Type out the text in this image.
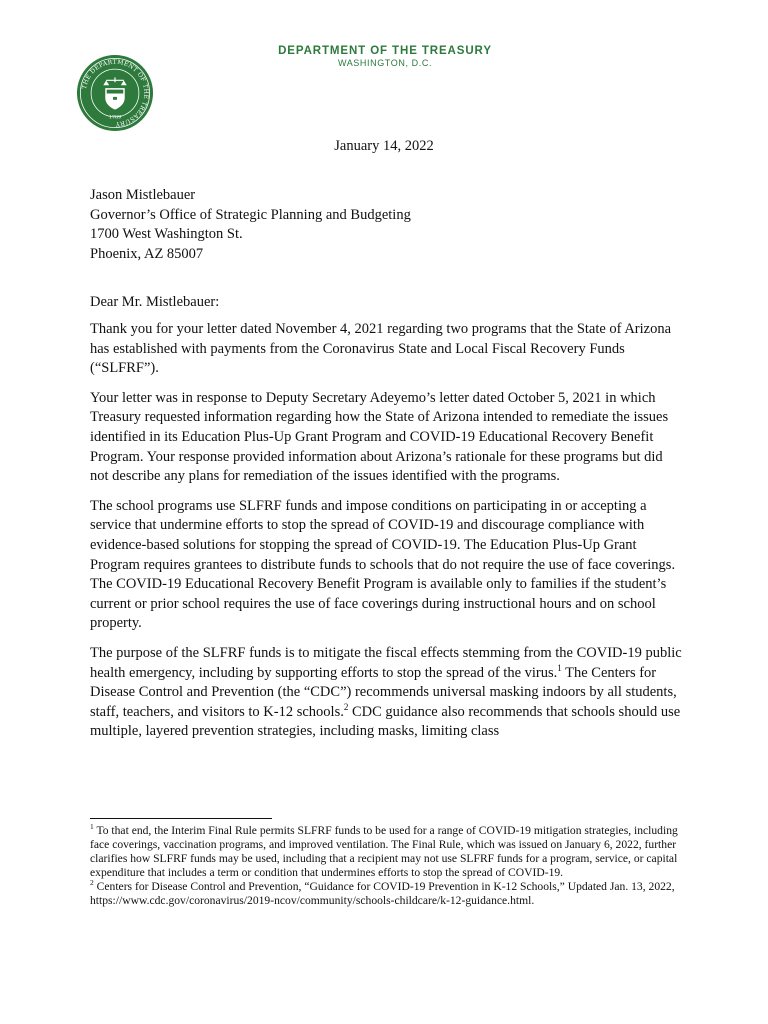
THE DEPARTMENT OF THE TREASURY
1789
DEPARTMENT OF THE TREASURY
WASHINGTON, D.C.
January 14, 2022
Jason Mistlebauer
Governor’s Office of Strategic Planning and Budgeting
1700 West Washington St.
Phoenix, AZ 85007
Dear Mr. Mistlebauer:

Thank you for your letter dated November 4, 2021 regarding two programs that the State of Arizona has established with payments from the Coronavirus State and Local Fiscal Recovery Funds (“SLFRF”).

Your letter was in response to Deputy Secretary Adeyemo’s letter dated October 5, 2021 in which Treasury requested information regarding how the State of Arizona intended to remediate the issues identified in its Education Plus-Up Grant Program and COVID-19 Educational Recovery Benefit Program. Your response provided information about Arizona’s rationale for these programs but did not describe any plans for remediation of the issues identified with the programs.

The school programs use SLFRF funds and impose conditions on participating in or accepting a service that undermine efforts to stop the spread of COVID-19 and discourage compliance with evidence-based solutions for stopping the spread of COVID-19. The Education Plus-Up Grant Program requires grantees to distribute funds to schools that do not require the use of face coverings. The COVID-19 Educational Recovery Benefit Program is available only to families if the student’s current or prior school requires the use of face coverings during instructional hours and on school property.

The purpose of the SLFRF funds is to mitigate the fiscal effects stemming from the COVID-19 public health emergency, including by supporting efforts to stop the spread of the virus.$^1$ The Centers for Disease Control and Prevention (the “CDC”) recommends universal masking indoors by all students, staff, teachers, and visitors to K-12 schools.$^2$ CDC guidance also recommends that schools should use multiple, layered prevention strategies, including masks, limiting class

$^1$ To that end, the Interim Final Rule permits SLFRF funds to be used for a range of COVID-19 mitigation strategies, including face coverings, vaccination programs, and improved ventilation. The Final Rule, which was issued on January 6, 2022, further clarifies how SLFRF funds may be used, including that a recipient may not use SLFRF funds for a program, service, or capital expenditure that includes a term or condition that undermines efforts to stop the spread of COVID-19.

$^2$ Centers for Disease Control and Prevention, “Guidance for COVID-19 Prevention in K-12 Schools,” Updated Jan. 13, 2022, https://www.cdc.gov/coronavirus/2019-ncov/community/schools-childcare/k-12-guidance.html.
